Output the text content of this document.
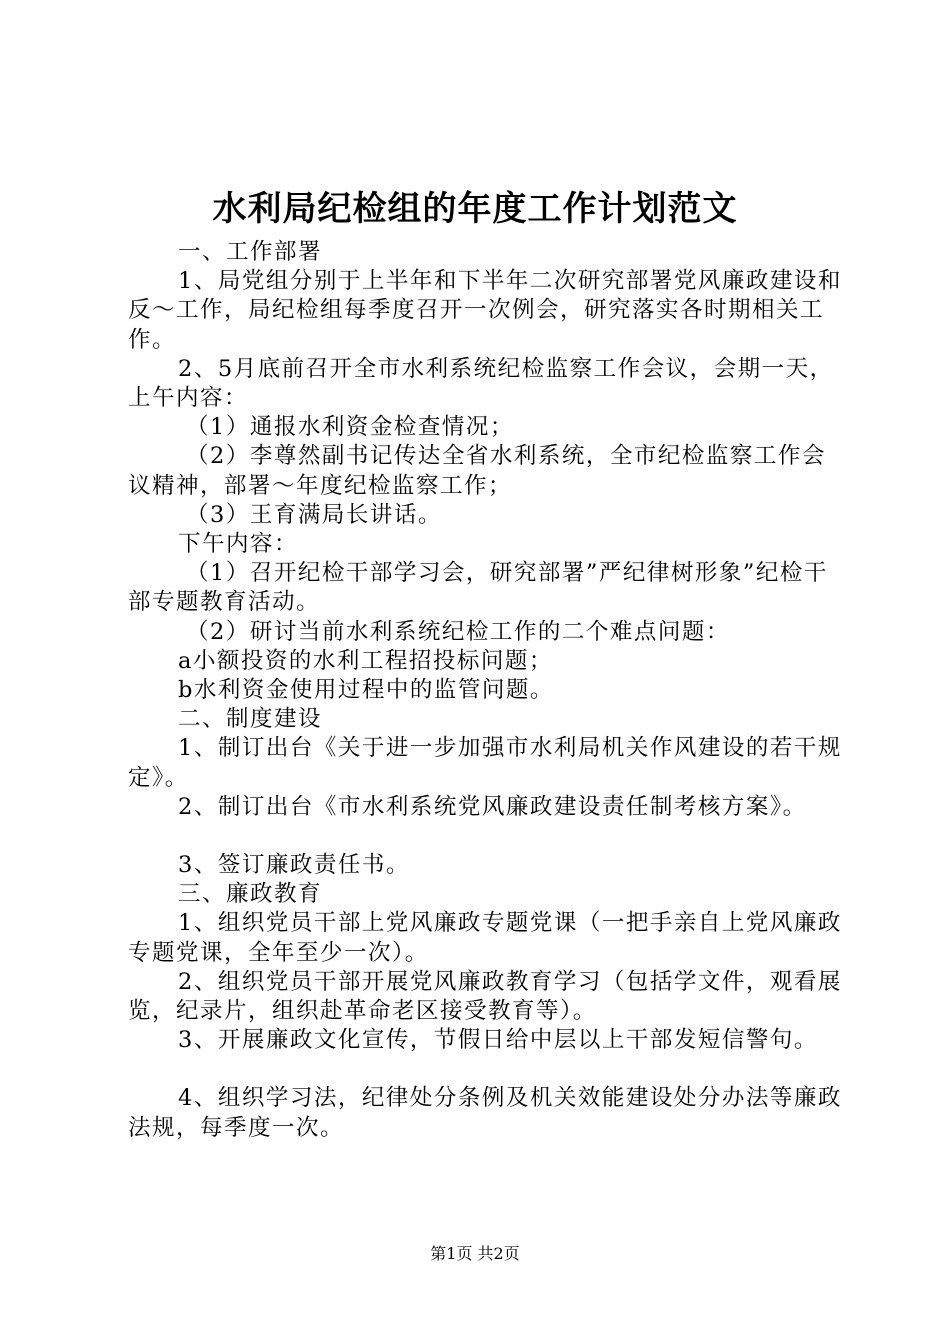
水利局纪检组的年度工作计划范文

一、工作部署

1、局党组分别于上半年和下半年二次研究部署党风廉政建设和反～工作，局纪检组每季度召开一次例会，研究落实各时期相关工作。

2、5月底前召开全市水利系统纪检监察工作会议，会期一天，上午内容：

（1）通报水利资金检查情况；

（2）李尊然副书记传达全省水利系统，全市纪检监察工作会议精神，部署～年度纪检监察工作；

（3）王育满局长讲话。

下午内容：

（1）召开纪检干部学习会，研究部署”严纪律树形象”纪检干部专题教育活动。

（2）研讨当前水利系统纪检工作的二个难点问题：

a小额投资的水利工程招投标问题；

b水利资金使用过程中的监管问题。

二、制度建设

1、制订出台《关于进一步加强市水利局机关作风建设的若干规定》。

2、制订出台《市水利系统党风廉政建设责任制考核方案》。

3、签订廉政责任书。

三、廉政教育

1、组织党员干部上党风廉政专题党课（一把手亲自上党风廉政专题党课，全年至少一次）。

2、组织党员干部开展党风廉政教育学习（包括学文件，观看展览，纪录片，组织赴革命老区接受教育等）。

3、开展廉政文化宣传，节假日给中层以上干部发短信警句。

4、组织学习法，纪律处分条例及机关效能建设处分办法等廉政法规，每季度一次。

第1页 共2页
